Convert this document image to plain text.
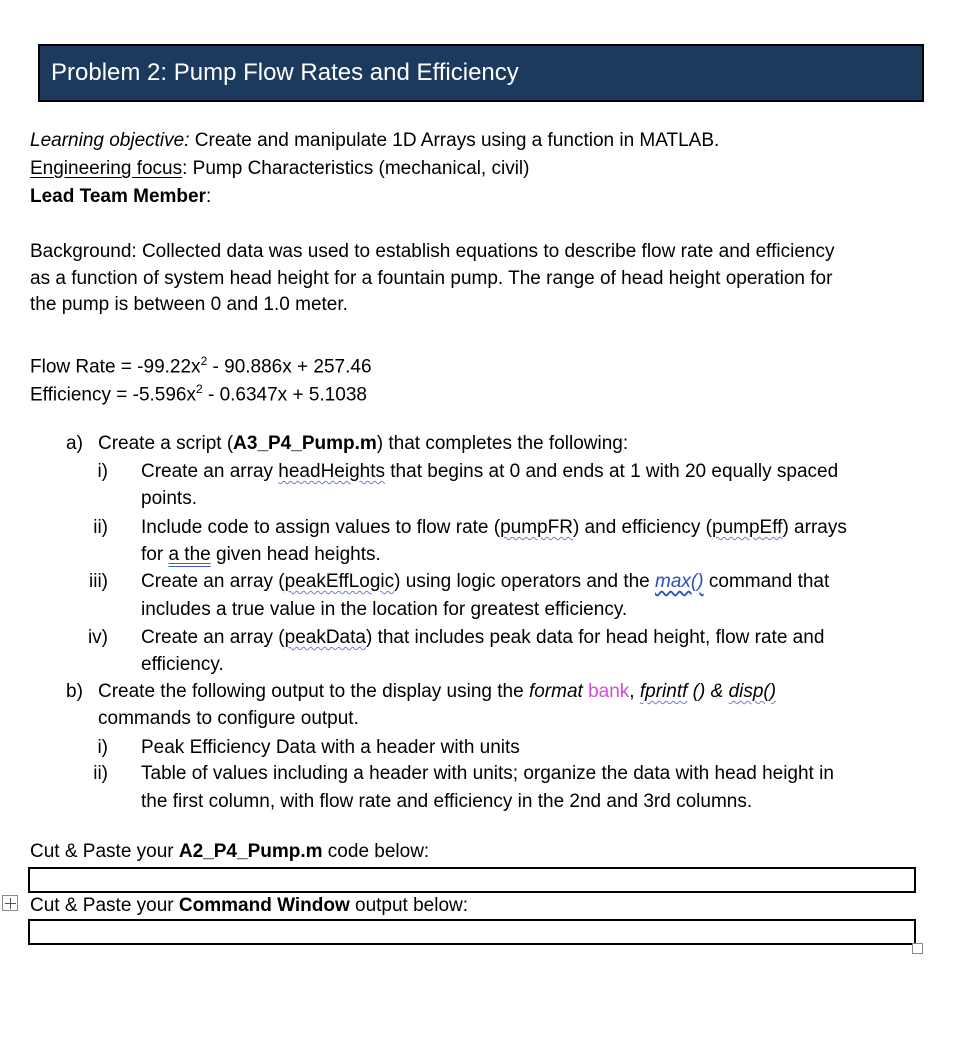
Problem 2: Pump Flow Rates and Efficiency
Learning objective: Create and manipulate 1D Arrays using a function in MATLAB.
Engineering focus: Pump Characteristics (mechanical, civil)
Lead Team Member:
Background: Collected data was used to establish equations to describe flow rate and efficiency
as a function of system head height for a fountain pump. The range of head height operation for
the pump is between 0 and 1.0 meter.
Flow Rate = $-99.22x^2 - 90.886x + 257.46$
Efficiency = $-5.596x^2 - 0.6347x + 5.1038$
a) Create a script (A3_P4_Pump.m) that completes the following:
i) Create an array headHeights that begins at 0 and ends at 1 with 20 equally spaced
points.
ii) Include code to assign values to flow rate (pumpFR) and efficiency (pumpEff) arrays
for a the given head heights.
iii) Create an array (peakEffLogic) using logic operators and the max() command that
includes a true value in the location for greatest efficiency.
iv) Create an array (peakData) that includes peak data for head height, flow rate and
efficiency.
b) Create the following output to the display using the format bank, fprintf () & disp()
commands to configure output.
i) Peak Efficiency Data with a header with units
ii) Table of values including a header with units; organize the data with head height in
the first column, with flow rate and efficiency in the 2nd and 3rd columns.
Cut & Paste your A2_P4_Pump.m code below:
Cut & Paste your Command Window output below:
